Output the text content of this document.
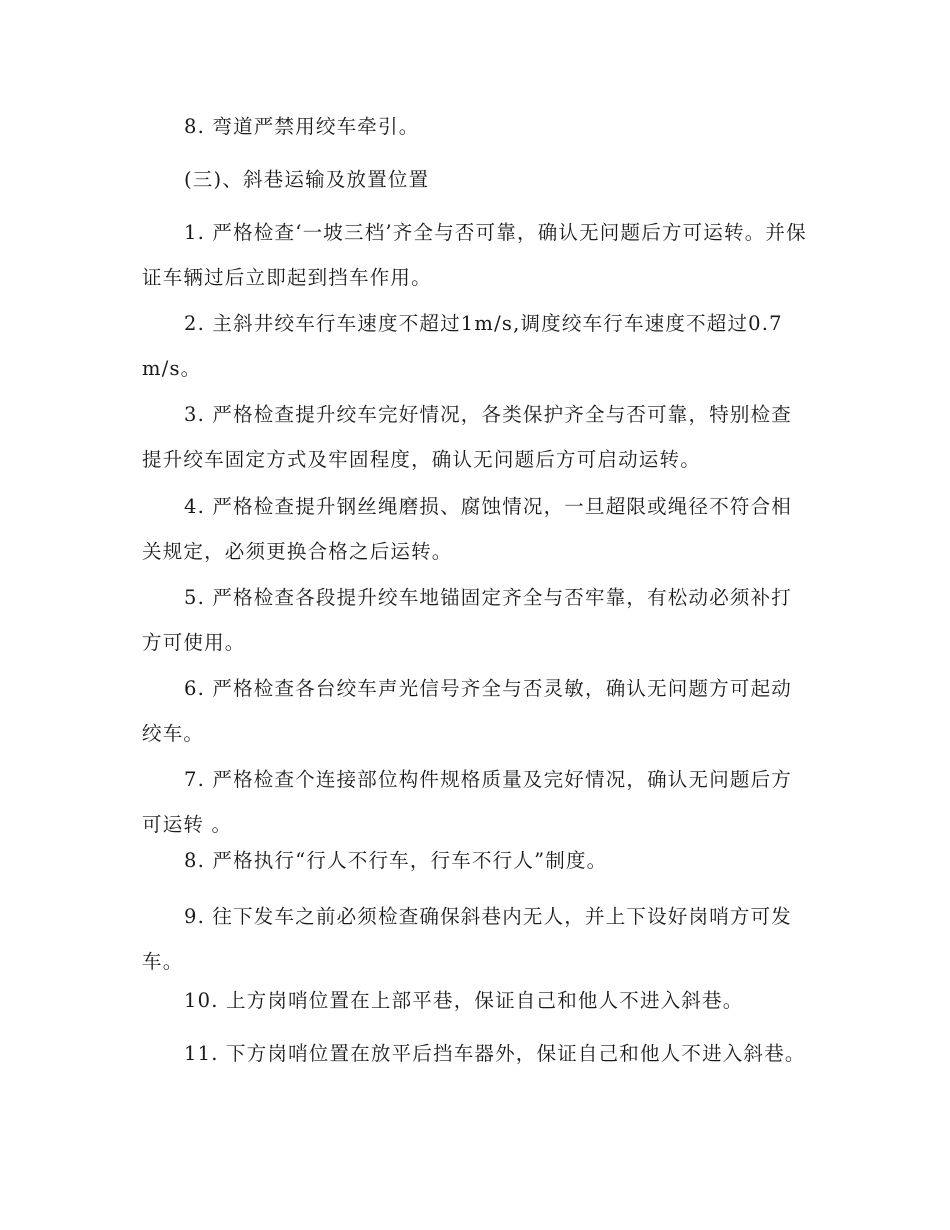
8. 弯道严禁用绞车牵引。

(三)、斜巷运输及放置位置

1. 严格检查‘一坡三档’齐全与否可靠，确认无问题后方可运转。并保证车辆过后立即起到挡车作用。

2. 主斜井绞车行车速度不超过1m/s,调度绞车行车速度不超过0.7m/s。

3. 严格检查提升绞车完好情况，各类保护齐全与否可靠，特别检查提升绞车固定方式及牢固程度，确认无问题后方可启动运转。

4. 严格检查提升钢丝绳磨损、腐蚀情况，一旦超限或绳径不符合相关规定，必须更换合格之后运转。

5. 严格检查各段提升绞车地锚固定齐全与否牢靠，有松动必须补打方可使用。

6. 严格检查各台绞车声光信号齐全与否灵敏，确认无问题方可起动绞车。

7. 严格检查个连接部位构件规格质量及完好情况，确认无问题后方可运转 。

8. 严格执行“行人不行车，行车不行人”制度。

9. 往下发车之前必须检查确保斜巷内无人，并上下设好岗哨方可发车。

10. 上方岗哨位置在上部平巷，保证自己和他人不进入斜巷。

11. 下方岗哨位置在放平后挡车器外，保证自己和他人不进入斜巷。
